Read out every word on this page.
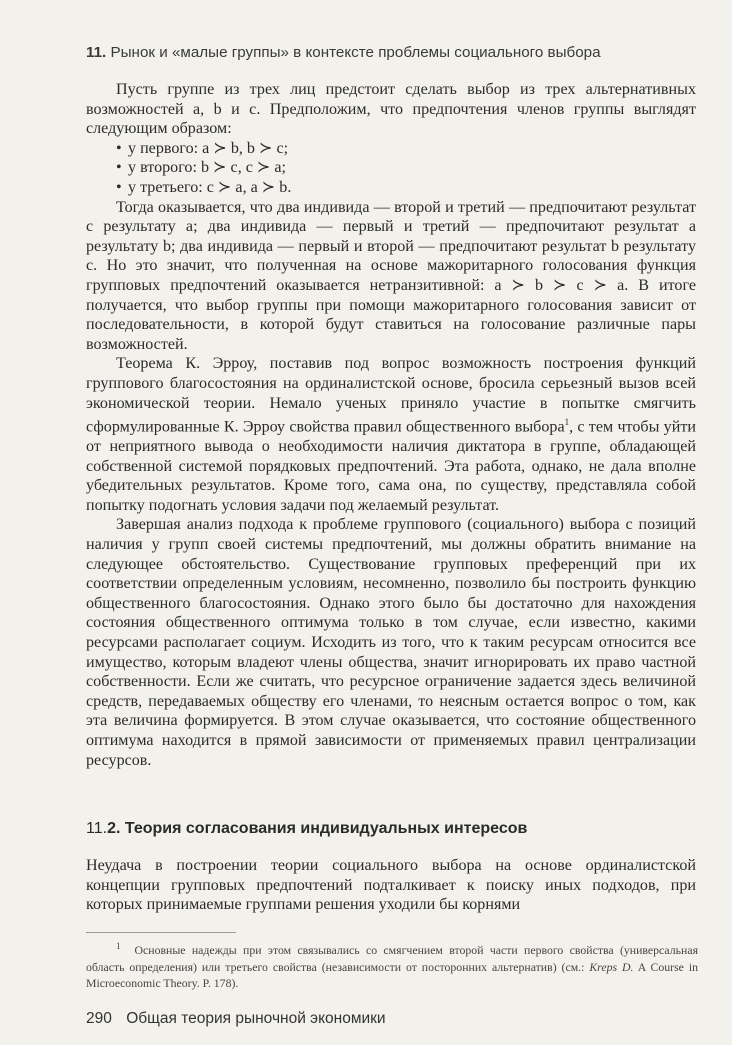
11. Рынок и «малые группы» в контексте проблемы социального выбора

Пусть группе из трех лиц предстоит сделать выбор из трех альтернативных возможностей a, b и c. Предположим, что предпочтения членов группы выглядят следующим образом:

• у первого: a ≻ b, b ≻ c;
• у второго: b ≻ c, c ≻ a;
• у третьего: c ≻ a, a ≻ b.

Тогда оказывается, что два индивида — второй и третий — предпочитают результат c результату a; два индивида — первый и третий — предпочитают результат a результату b; два индивида — первый и второй — предпочитают результат b результату c. Но это значит, что полученная на основе мажоритарного голосования функция групповых предпочтений оказывается нетранзитивной: a ≻ b ≻ c ≻ a. В итоге получается, что выбор группы при помощи мажоритарного голосования зависит от последовательности, в которой будут ставиться на голосование различные пары возможностей.

Теорема К. Эрроу, поставив под вопрос возможность построения функций группового благосостояния на ординалистской основе, бросила серьезный вызов всей экономической теории. Немало ученых приняло участие в попытке смягчить сформулированные К. Эрроу свойства правил общественного выбора$^1$, с тем чтобы уйти от неприятного вывода о необходимости наличия диктатора в группе, обладающей собственной системой порядковых предпочтений. Эта работа, однако, не дала вполне убедительных результатов. Кроме того, сама она, по существу, представляла собой попытку подогнать условия задачи под желаемый результат.

Завершая анализ подхода к проблеме группового (социального) выбора с позиций наличия у групп своей системы предпочтений, мы должны обратить внимание на следующее обстоятельство. Существование групповых преференций при их соответствии определенным условиям, несомненно, позволило бы построить функцию общественного благосостояния. Однако этого было бы достаточно для нахождения состояния общественного оптимума только в том случае, если известно, какими ресурсами располагает социум. Исходить из того, что к таким ресурсам относится все имущество, которым владеют члены общества, значит игнорировать их право частной собственности. Если же считать, что ресурсное ограничение задается здесь величиной средств, передаваемых обществу его членами, то неясным остается вопрос о том, как эта величина формируется. В этом случае оказывается, что состояние общественного оптимума находится в прямой зависимости от применяемых правил централизации ресурсов.

11.2. Теория согласования индивидуальных интересов

Неудача в построении теории социального выбора на основе ординалистской концепции групповых предпочтений подталкивает к поиску иных подходов, при которых принимаемые группами решения уходили бы корнями

$^1$ Основные надежды при этом связывались со смягчением второй части первого свойства (универсальная область определения) или третьего свойства (независимости от посторонних альтернатив) (см.: Kreps D. A Course in Microeconomic Theory. P. 178).

290 Общая теория рыночной экономики
